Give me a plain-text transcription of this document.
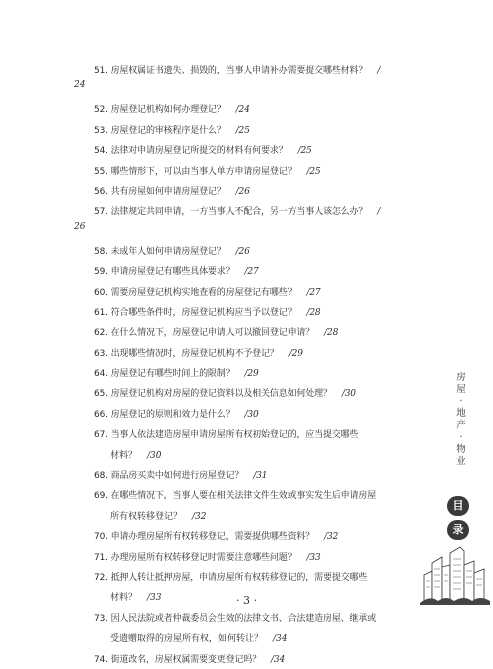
51. 房屋权属证书遗失、损毁的，当事人申请补办需要提交哪些材料？ /
24
52. 房屋登记机构如何办理登记？ /24
53. 房屋登记的审核程序是什么？ /25
54. 法律对申请房屋登记所提交的材料有何要求？ /25
55. 哪些情形下，可以由当事人单方申请房屋登记？ /25
56. 共有房屋如何申请房屋登记？ /26
57. 法律规定共同申请，一方当事人不配合，另一方当事人该怎么办？ /
26
58. 未成年人如何申请房屋登记？ /26
59. 申请房屋登记有哪些具体要求？ /27
60. 需要房屋登记机构实地查看的房屋登记有哪些？ /27
61. 符合哪些条件时，房屋登记机构应当予以登记？ /28
62. 在什么情况下，房屋登记申请人可以撤回登记申请？ /28
63. 出现哪些情况时，房屋登记机构不予登记？ /29
64. 房屋登记有哪些时间上的限制？ /29
65. 房屋登记机构对房屋的登记资料以及相关信息如何处理？ /30
66. 房屋登记的原则和效力是什么？ /30
67. 当事人依法建造房屋申请房屋所有权初始登记的，应当提交哪些
材料？ /30
68. 商品房买卖中如何进行房屋登记？ /31
69. 在哪些情况下，当事人要在相关法律文件生效或事实发生后申请房屋
所有权转移登记？ /32
70. 申请办理房屋所有权转移登记，需要提供哪些资料？ /32
71. 办理房屋所有权转移登记时需要注意哪些问题？ /33
72. 抵押人转让抵押房屋，申请房屋所有权转移登记的，需要提交哪些
材料？ /33
73. 因人民法院或者仲裁委员会生效的法律文书、合法建造房屋、继承或
受遗赠取得的房屋所有权，如何转让？ /34
74. 街道改名，房屋权属需要变更登记吗？ /34
房
屋
·
地
产
·
物
业
目
录
· 3 ·
